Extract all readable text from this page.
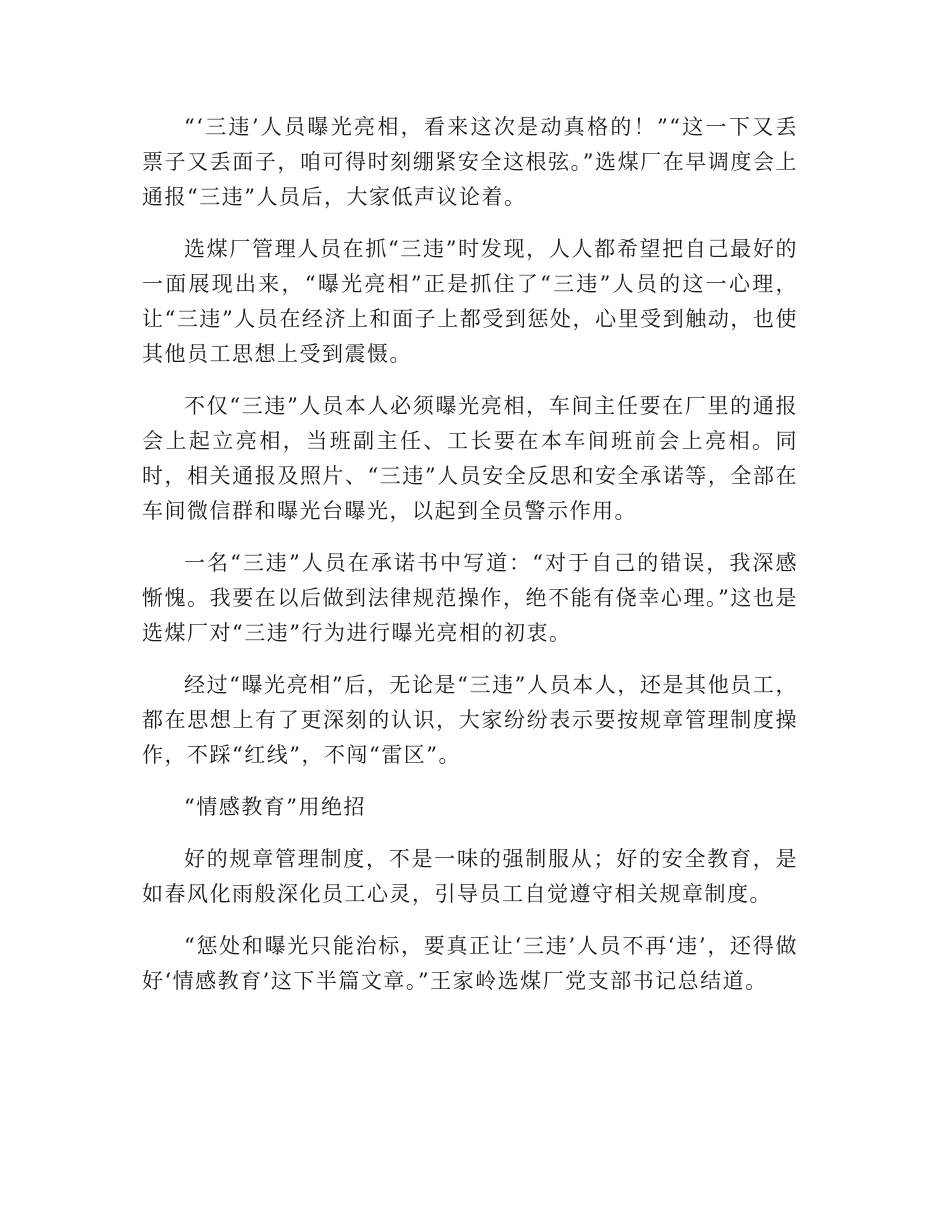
“‘三违’人员曝光亮相，看来这次是动真格的！”“这一下又丢票子又丢面子，咱可得时刻绷紧安全这根弦。”选煤厂在早调度会上通报“三违”人员后，大家低声议论着。

选煤厂管理人员在抓“三违”时发现，人人都希望把自己最好的一面展现出来，“曝光亮相”正是抓住了“三违”人员的这一心理，让“三违”人员在经济上和面子上都受到惩处，心里受到触动，也使其他员工思想上受到震慑。

不仅“三违”人员本人必须曝光亮相，车间主任要在厂里的通报会上起立亮相，当班副主任、工长要在本车间班前会上亮相。同时，相关通报及照片、“三违”人员安全反思和安全承诺等，全部在车间微信群和曝光台曝光，以起到全员警示作用。

一名“三违”人员在承诺书中写道：“对于自己的错误，我深感惭愧。我要在以后做到法律规范操作，绝不能有侥幸心理。”这也是选煤厂对“三违”行为进行曝光亮相的初衷。

经过“曝光亮相”后，无论是“三违”人员本人，还是其他员工，都在思想上有了更深刻的认识，大家纷纷表示要按规章管理制度操作，不踩“红线”，不闯“雷区”。

“情感教育”用绝招

好的规章管理制度，不是一味的强制服从；好的安全教育，是如春风化雨般深化员工心灵，引导员工自觉遵守相关规章制度。

“惩处和曝光只能治标，要真正让‘三违’人员不再‘违’，还得做好‘情感教育’这下半篇文章。”王家岭选煤厂党支部书记总结道。
